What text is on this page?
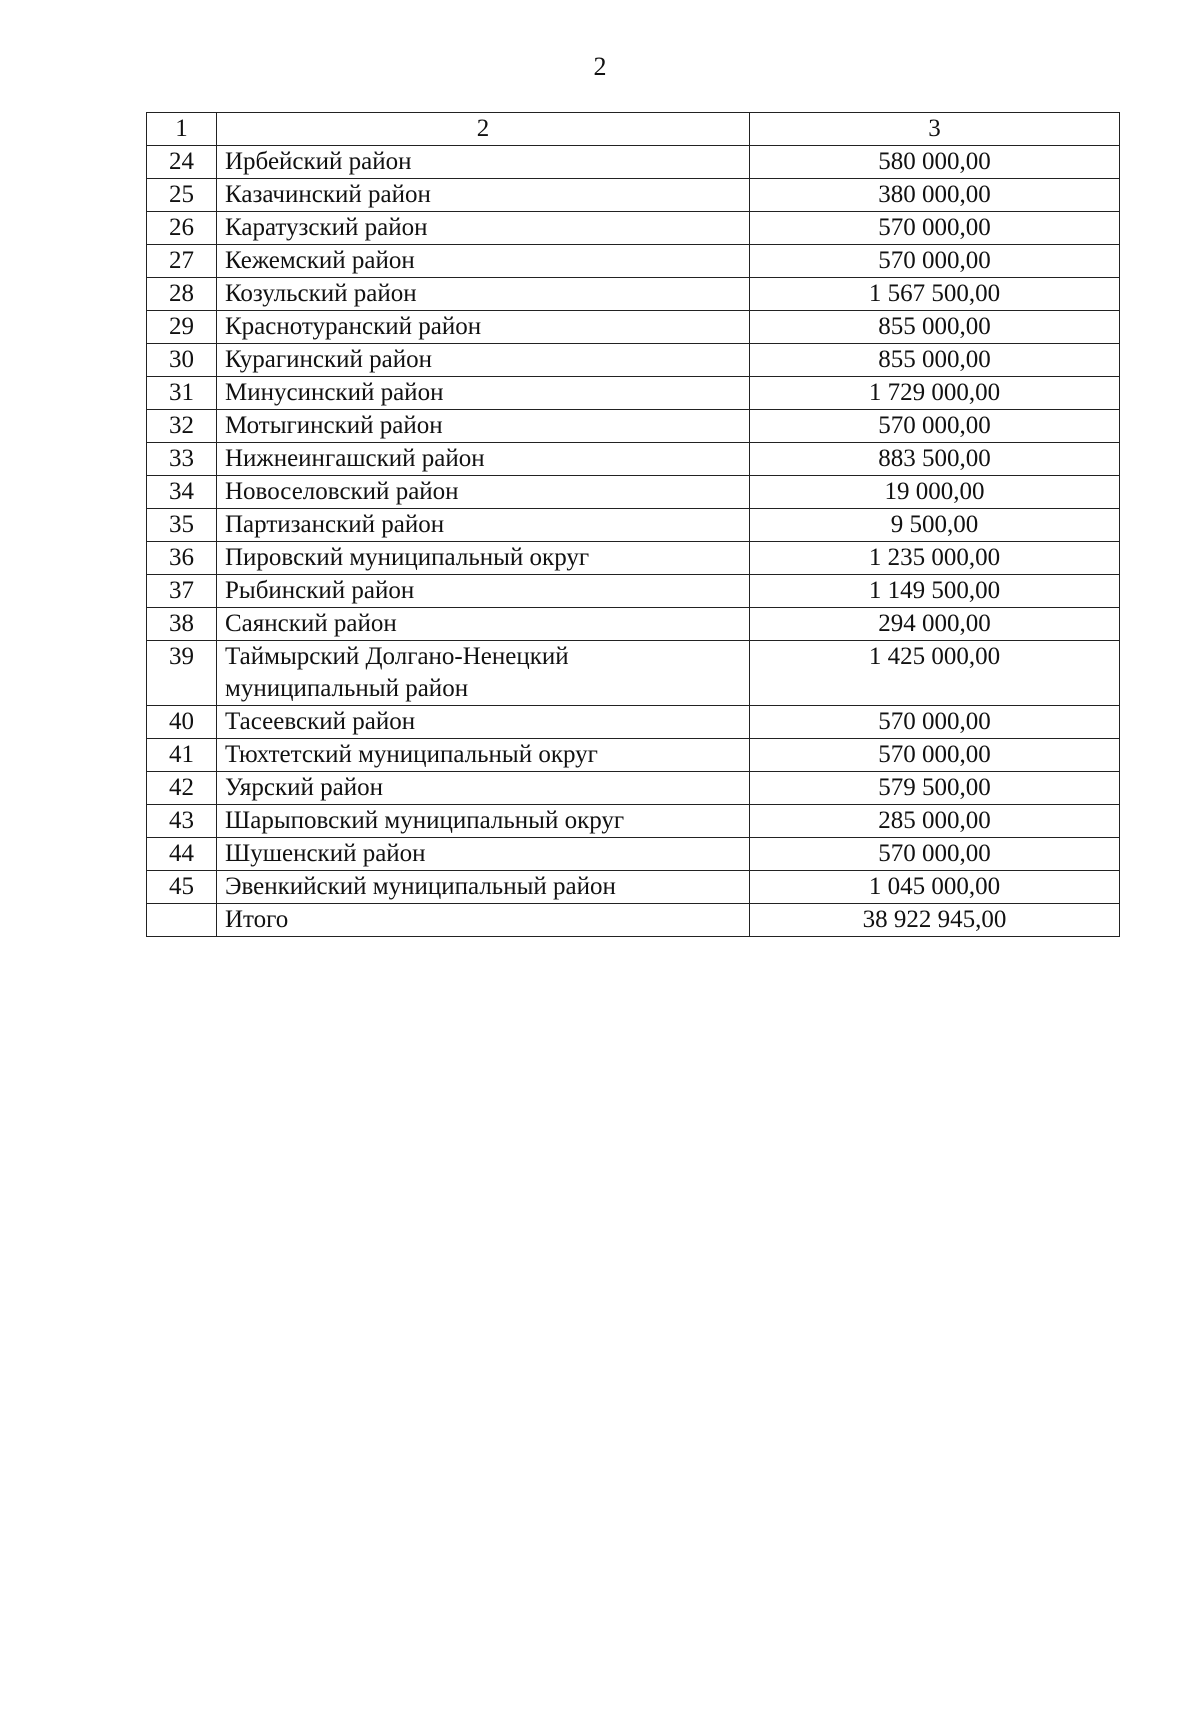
2
1	2	3
24	Ирбейский район	580 000,00
25	Казачинский район	380 000,00
26	Каратузский район	570 000,00
27	Кежемский район	570 000,00
28	Козульский район	1 567 500,00
29	Краснотуранский район	855 000,00
30	Курагинский район	855 000,00
31	Минусинский район	1 729 000,00
32	Мотыгинский район	570 000,00
33	Нижнеингашский район	883 500,00
34	Новоселовский район	19 000,00
35	Партизанский район	9 500,00
36	Пировский муниципальный округ	1 235 000,00
37	Рыбинский район	1 149 500,00
38	Саянский район	294 000,00
39	Таймырский Долгано-Ненецкий муниципальный район	1 425 000,00
40	Тасеевский район	570 000,00
41	Тюхтетский муниципальный округ	570 000,00
42	Уярский район	579 500,00
43	Шарыповский муниципальный округ	285 000,00
44	Шушенский район	570 000,00
45	Эвенкийский муниципальный район	1 045 000,00
	Итого	38 922 945,00
